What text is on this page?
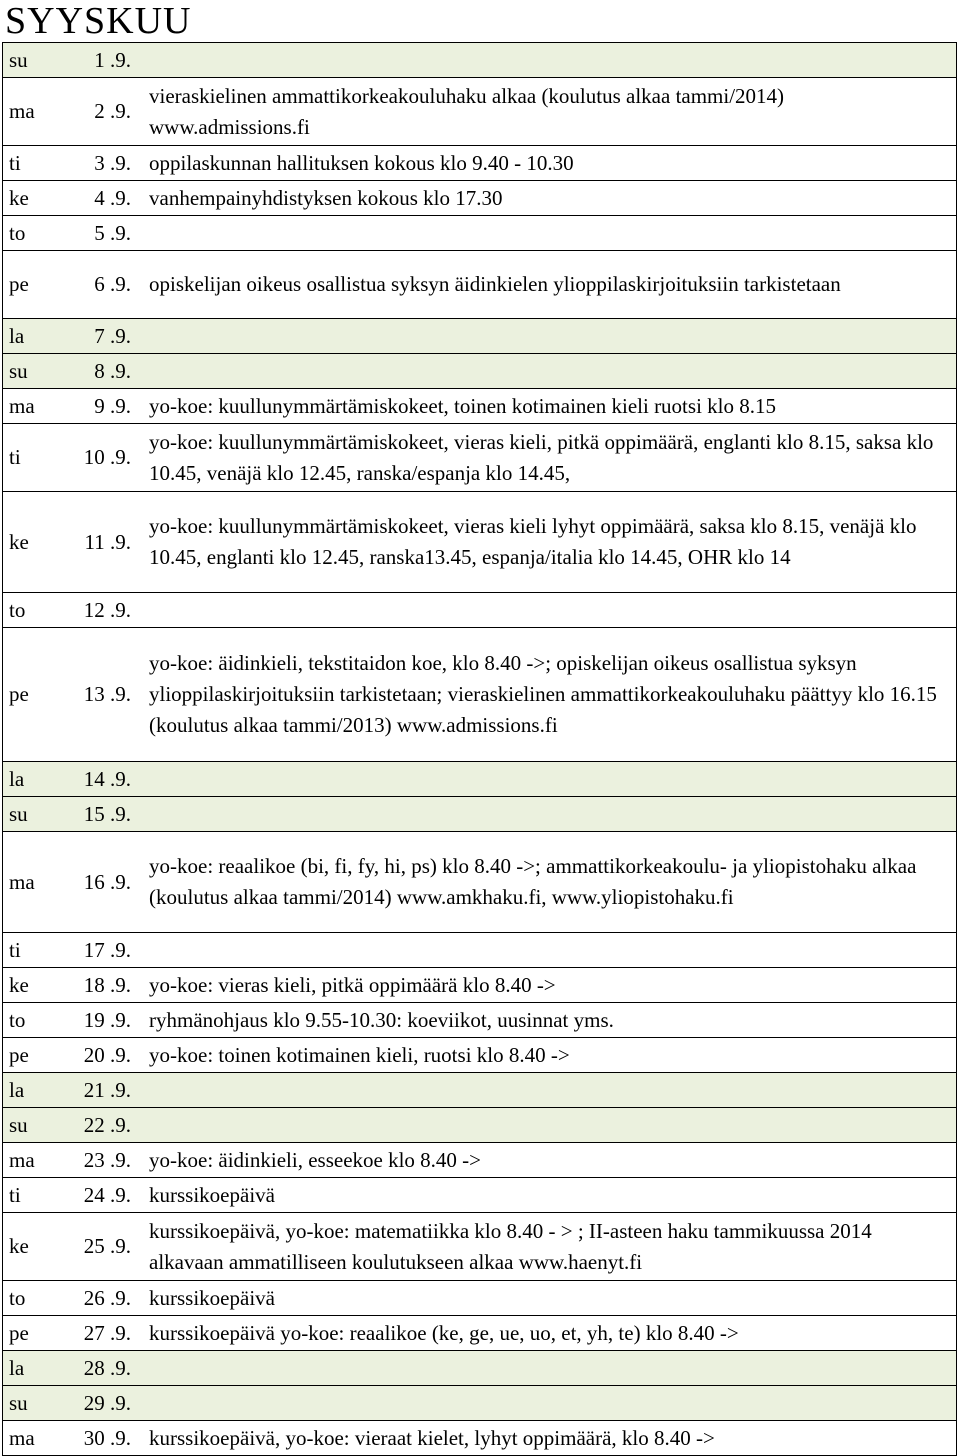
SYYSKUU
su	1 .9.	
ma	2 .9.	vieraskielinen ammattikorkeakouluhaku alkaa (koulutus alkaa tammi/2014) www.admissions.fi
ti	3 .9.	oppilaskunnan hallituksen kokous klo 9.40 - 10.30
ke	4 .9.	vanhempainyhdistyksen kokous klo 17.30
to	5 .9.	
pe	6 .9.	opiskelijan oikeus osallistua syksyn äidinkielen ylioppilaskirjoituksiin tarkistetaan
la	7 .9.	
su	8 .9.	
ma	9 .9.	yo-koe: kuullunymmärtämiskokeet, toinen kotimainen kieli ruotsi klo 8.15
ti	10 .9.	yo-koe: kuullunymmärtämiskokeet, vieras kieli, pitkä oppimäärä, englanti klo 8.15, saksa klo 10.45, venäjä klo 12.45, ranska/espanja klo 14.45,
ke	11 .9.	yo-koe: kuullunymmärtämiskokeet, vieras kieli lyhyt oppimäärä, saksa klo 8.15, venäjä klo 10.45, englanti klo 12.45, ranska13.45, espanja/italia klo 14.45, OHR klo 14
to	12 .9.	
pe	13 .9.	yo-koe: äidinkieli, tekstitaidon koe, klo 8.40 ->; opiskelijan oikeus osallistua syksyn ylioppilaskirjoituksiin tarkistetaan; vieraskielinen ammattikorkeakouluhaku päättyy klo 16.15 (koulutus alkaa tammi/2013) www.admissions.fi
la	14 .9.	
su	15 .9.	
ma	16 .9.	yo-koe: reaalikoe (bi, fi, fy, hi, ps) klo 8.40 ->; ammattikorkeakoulu- ja yliopistohaku alkaa (koulutus alkaa tammi/2014) www.amkhaku.fi, www.yliopistohaku.fi
ti	17 .9.	
ke	18 .9.	yo-koe: vieras kieli, pitkä oppimäärä klo 8.40 ->
to	19 .9.	ryhmänohjaus klo 9.55-10.30: koeviikot, uusinnat yms.
pe	20 .9.	yo-koe: toinen kotimainen kieli, ruotsi klo 8.40 ->
la	21 .9.	
su	22 .9.	
ma	23 .9.	yo-koe: äidinkieli, esseekoe klo 8.40 ->
ti	24 .9.	kurssikoepäivä
ke	25 .9.	kurssikoepäivä, yo-koe: matematiikka klo 8.40 - > ; II-asteen haku tammikuussa 2014 alkavaan ammatilliseen koulutukseen alkaa www.haenyt.fi
to	26 .9.	kurssikoepäivä
pe	27 .9.	kurssikoepäivä yo-koe: reaalikoe (ke, ge, ue, uo, et, yh, te) klo 8.40 ->
la	28 .9.	
su	29 .9.	
ma	30 .9.	kurssikoepäivä, yo-koe: vieraat kielet, lyhyt oppimäärä, klo 8.40 ->
